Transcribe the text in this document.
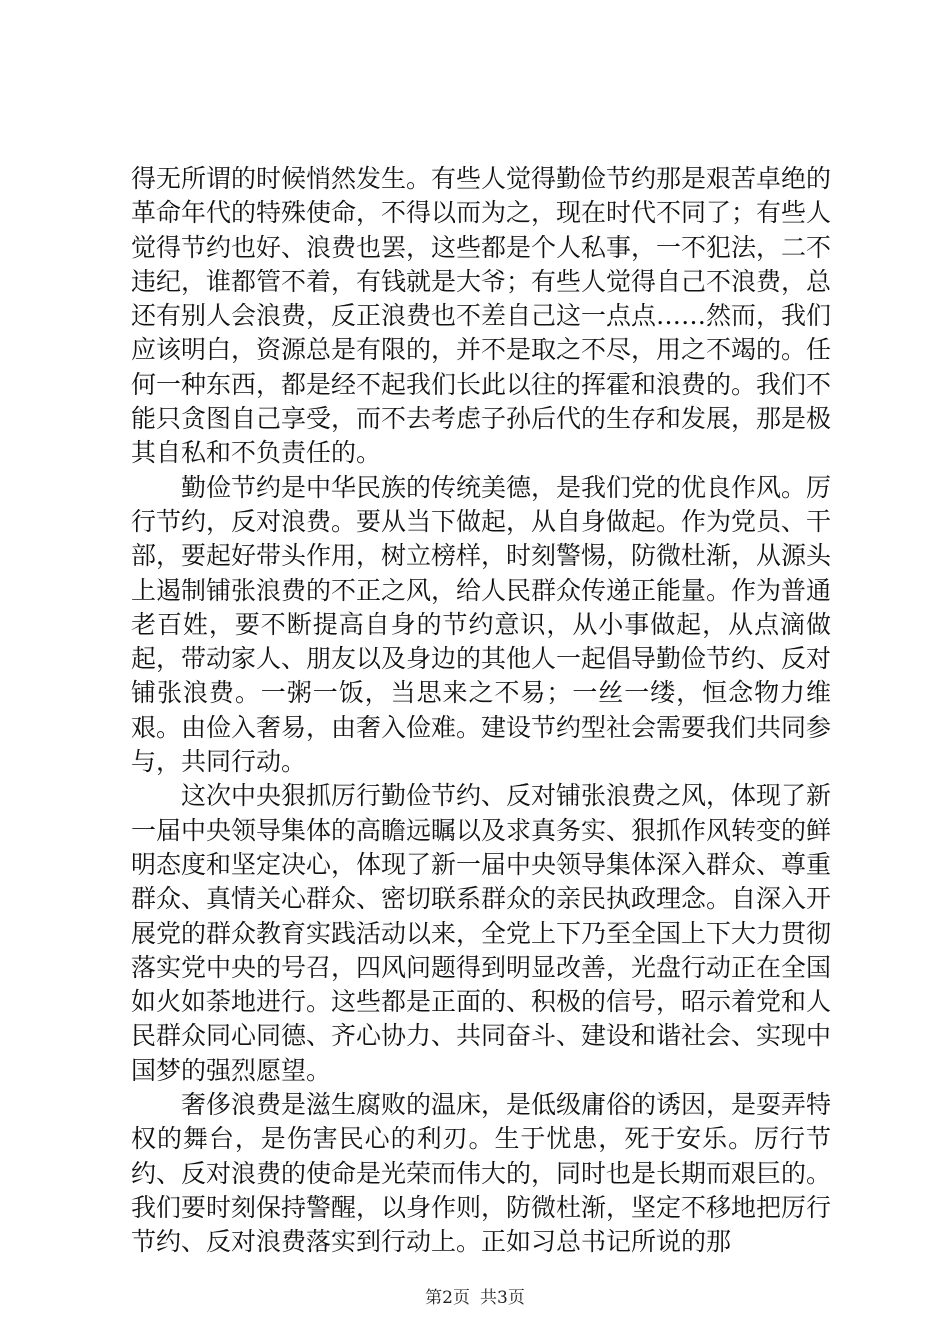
得无所谓的时候悄然发生。有些人觉得勤俭节约那是艰苦卓绝的革命年代的特殊使命，不得以而为之，现在时代不同了；有些人觉得节约也好、浪费也罢，这些都是个人私事，一不犯法，二不违纪，谁都管不着，有钱就是大爷；有些人觉得自己不浪费，总还有别人会浪费，反正浪费也不差自己这一点点……然而，我们应该明白，资源总是有限的，并不是取之不尽，用之不竭的。任何一种东西，都是经不起我们长此以往的挥霍和浪费的。我们不能只贪图自己享受，而不去考虑子孙后代的生存和发展，那是极其自私和不负责任的。

勤俭节约是中华民族的传统美德，是我们党的优良作风。厉行节约，反对浪费。要从当下做起，从自身做起。作为党员、干部，要起好带头作用，树立榜样，时刻警惕，防微杜渐，从源头上遏制铺张浪费的不正之风，给人民群众传递正能量。作为普通老百姓，要不断提高自身的节约意识，从小事做起，从点滴做起，带动家人、朋友以及身边的其他人一起倡导勤俭节约、反对铺张浪费。一粥一饭，当思来之不易；一丝一缕，恒念物力维艰。由俭入奢易，由奢入俭难。建设节约型社会需要我们共同参与，共同行动。

这次中央狠抓厉行勤俭节约、反对铺张浪费之风，体现了新一届中央领导集体的高瞻远瞩以及求真务实、狠抓作风转变的鲜明态度和坚定决心，体现了新一届中央领导集体深入群众、尊重群众、真情关心群众、密切联系群众的亲民执政理念。自深入开展党的群众教育实践活动以来，全党上下乃至全国上下大力贯彻落实党中央的号召，四风问题得到明显改善，光盘行动正在全国如火如荼地进行。这些都是正面的、积极的信号，昭示着党和人民群众同心同德、齐心协力、共同奋斗、建设和谐社会、实现中国梦的强烈愿望。

奢侈浪费是滋生腐败的温床，是低级庸俗的诱因，是耍弄特权的舞台，是伤害民心的利刃。生于忧患，死于安乐。厉行节约、反对浪费的使命是光荣而伟大的，同时也是长期而艰巨的。我们要时刻保持警醒，以身作则，防微杜渐，坚定不移地把厉行节约、反对浪费落实到行动上。正如习总书记所说的那

第2页 共3页
